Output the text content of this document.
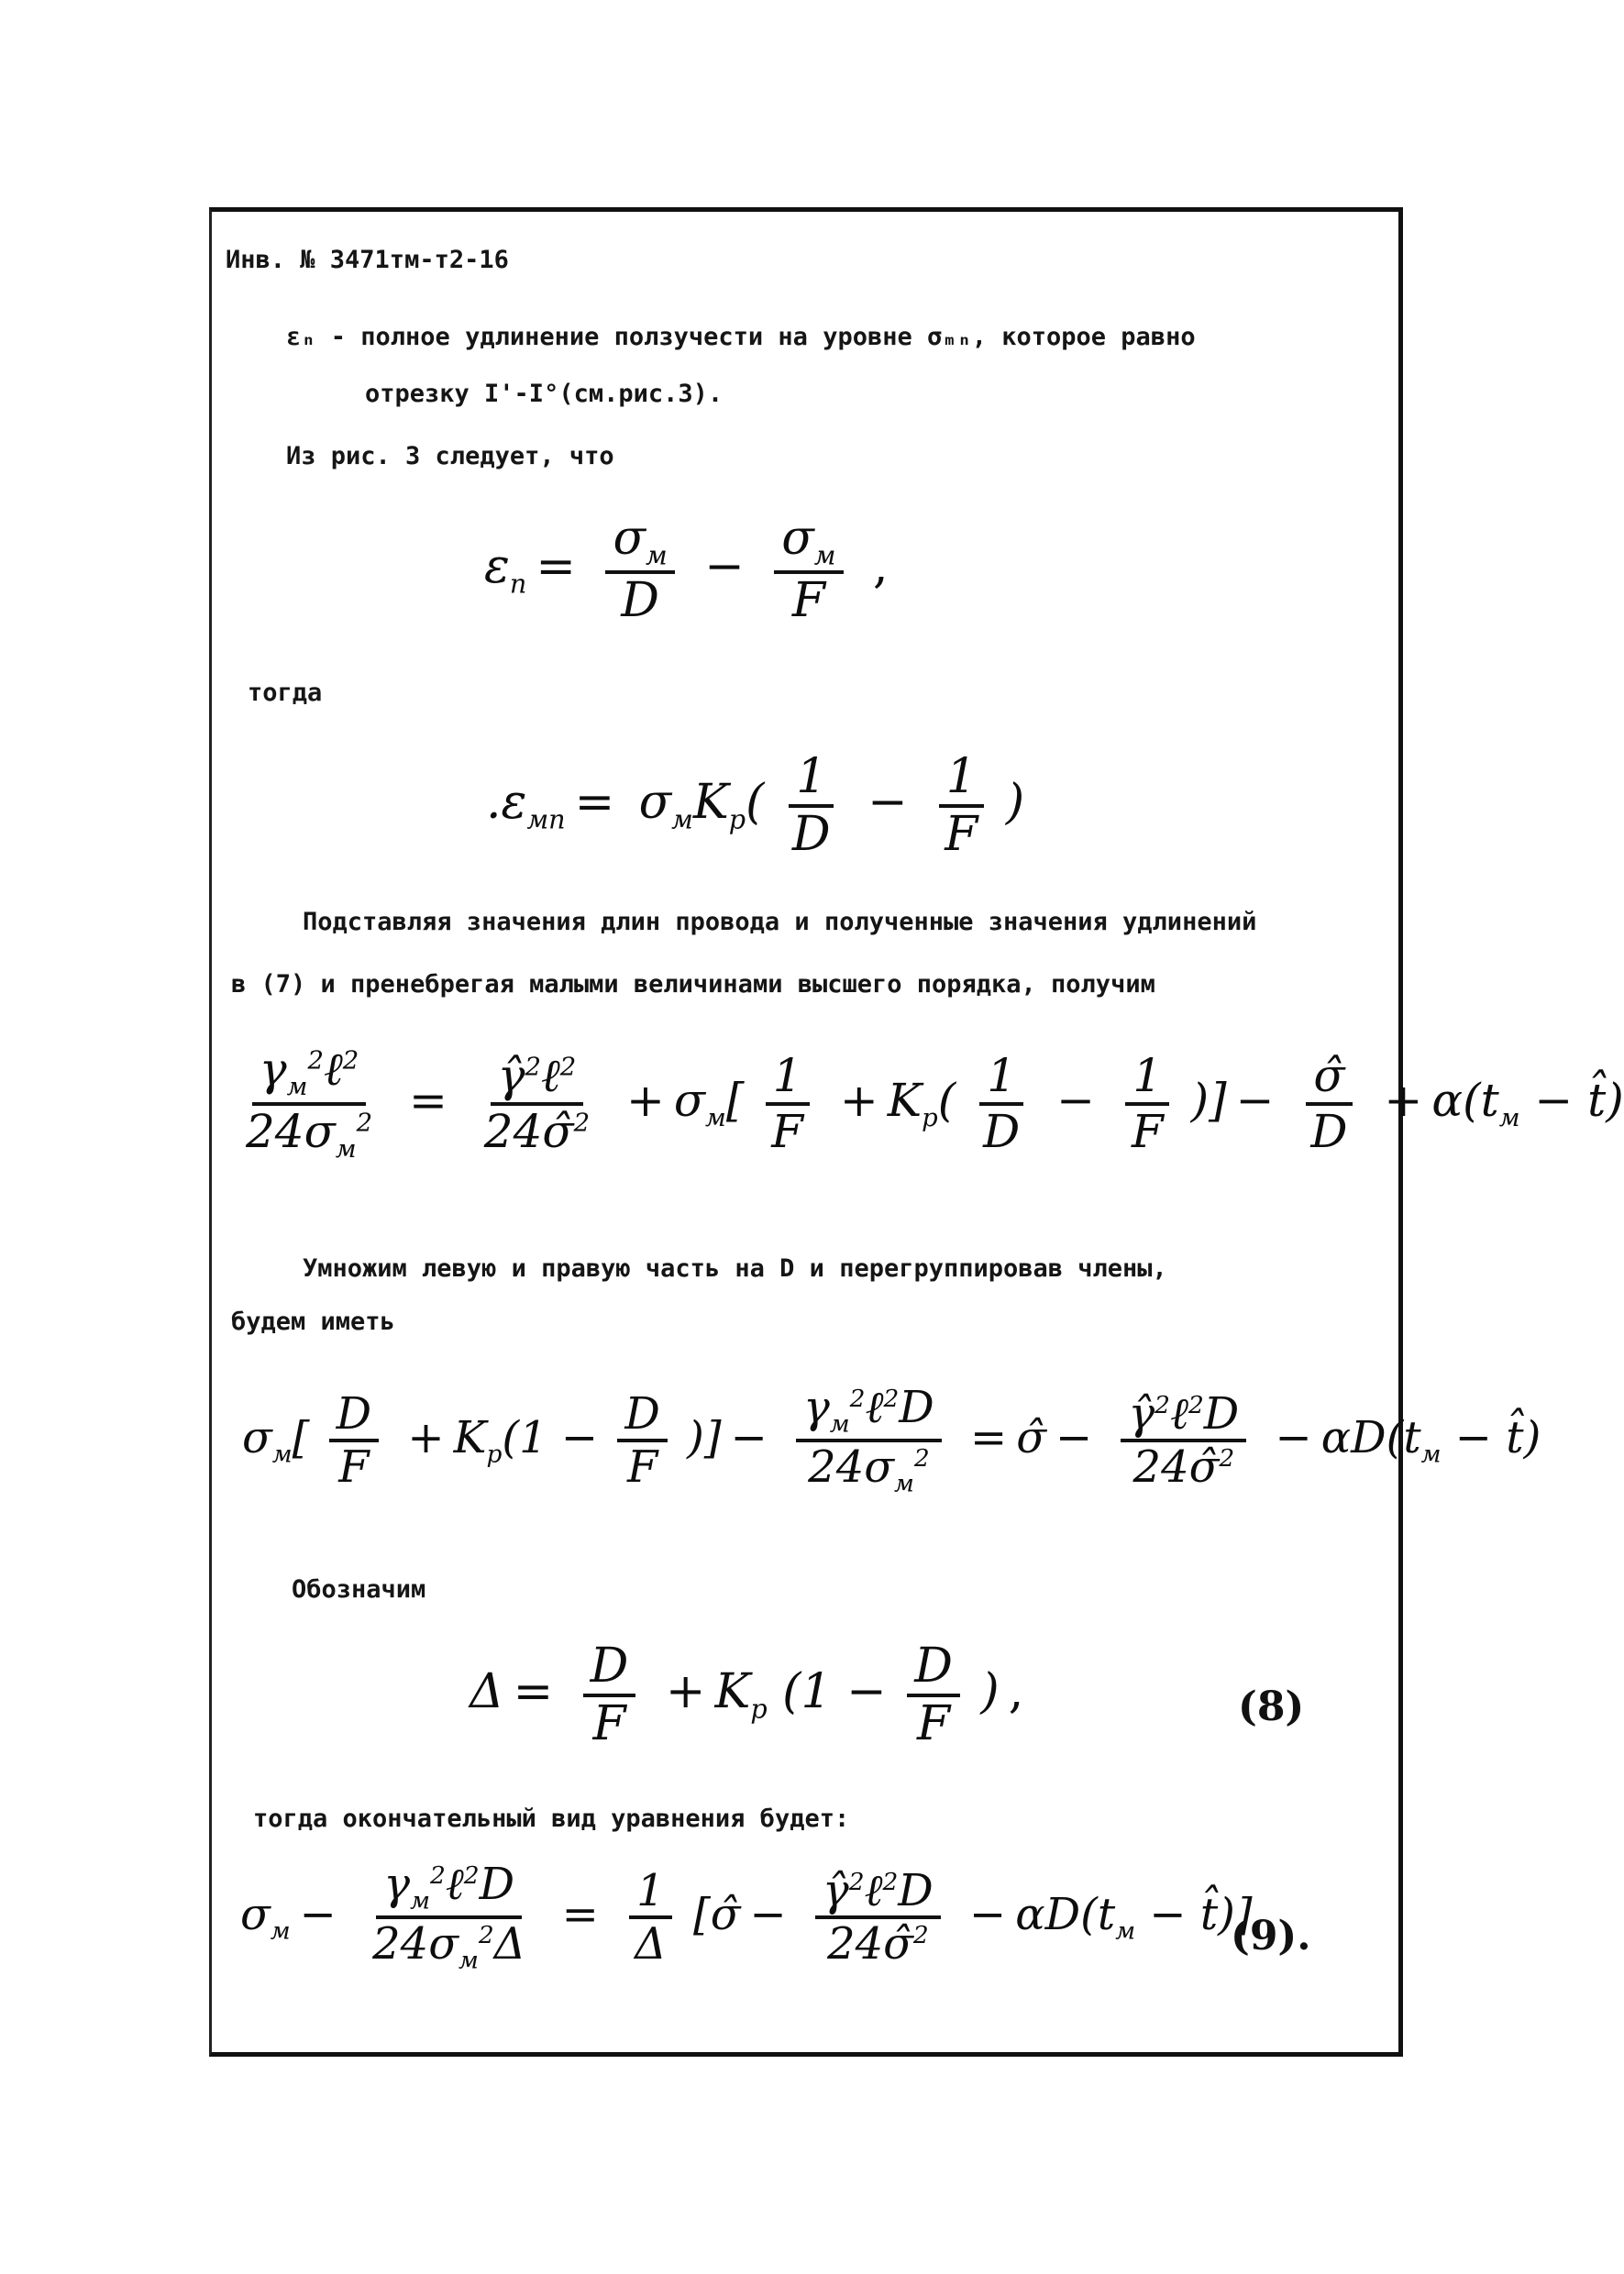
Инв. № 3471тм-т2-16
εₙ - полное удлинение ползучести на уровне σₘₙ, которое равно
отрезку I'-I°(см.рис.3).
Из рис. 3 следует, что
$\varepsilon_п = \frac{\sigma_м}{D} - \frac{\sigma_м}{F}$ ,
тогда
$.\varepsilon_{мп} = \sigma_мK_р( \frac{1}{D} - \frac{1}{F}$ )
Подставляя значения длин провода и полученные значения удлинений
в (7) и пренебрегая малыми величинами высшего порядка, получим
$\frac{\gamma_м^2\ell^2}{24\sigma_м^2} = \frac{\gammâ^2\ell^2}{24\sigmâ^2} + \sigma_м[ \frac{1}{F} + K_р( \frac{1}{D} - \frac{1}{F}$ )] − $\frac{\sigmâ}{D} + \alpha(t_м$ − t̂)
Умножим левую и правую часть на D и перегруппировав члены,
будем иметь
$\sigma_м[ \frac{D}{F} + K_р(1 - \frac{D}{F}$ )] − $\frac{\gamma_м^2\ell^2D}{24\sigma_м^2}$ = σ̂ − $\frac{\gammâ^2\ell^2D}{24\sigmâ^2} - \alpha D(t_м$ − t̂)
Обозначим
$\Delta = \frac{D}{F} + K_р$ ($1 - \frac{D}{F}$ ) ,	(8)
тогда окончательный вид уравнения будет:
$\sigma_м - \frac{\gamma_м^2\ell^2D}{24\sigma_м^2\Delta} = \frac{1}{\Delta}$ [σ̂ − $\frac{\gammâ^2\ell^2D}{24\sigmâ^2} - \alpha D(t_м$ − t̂)]
(9).
